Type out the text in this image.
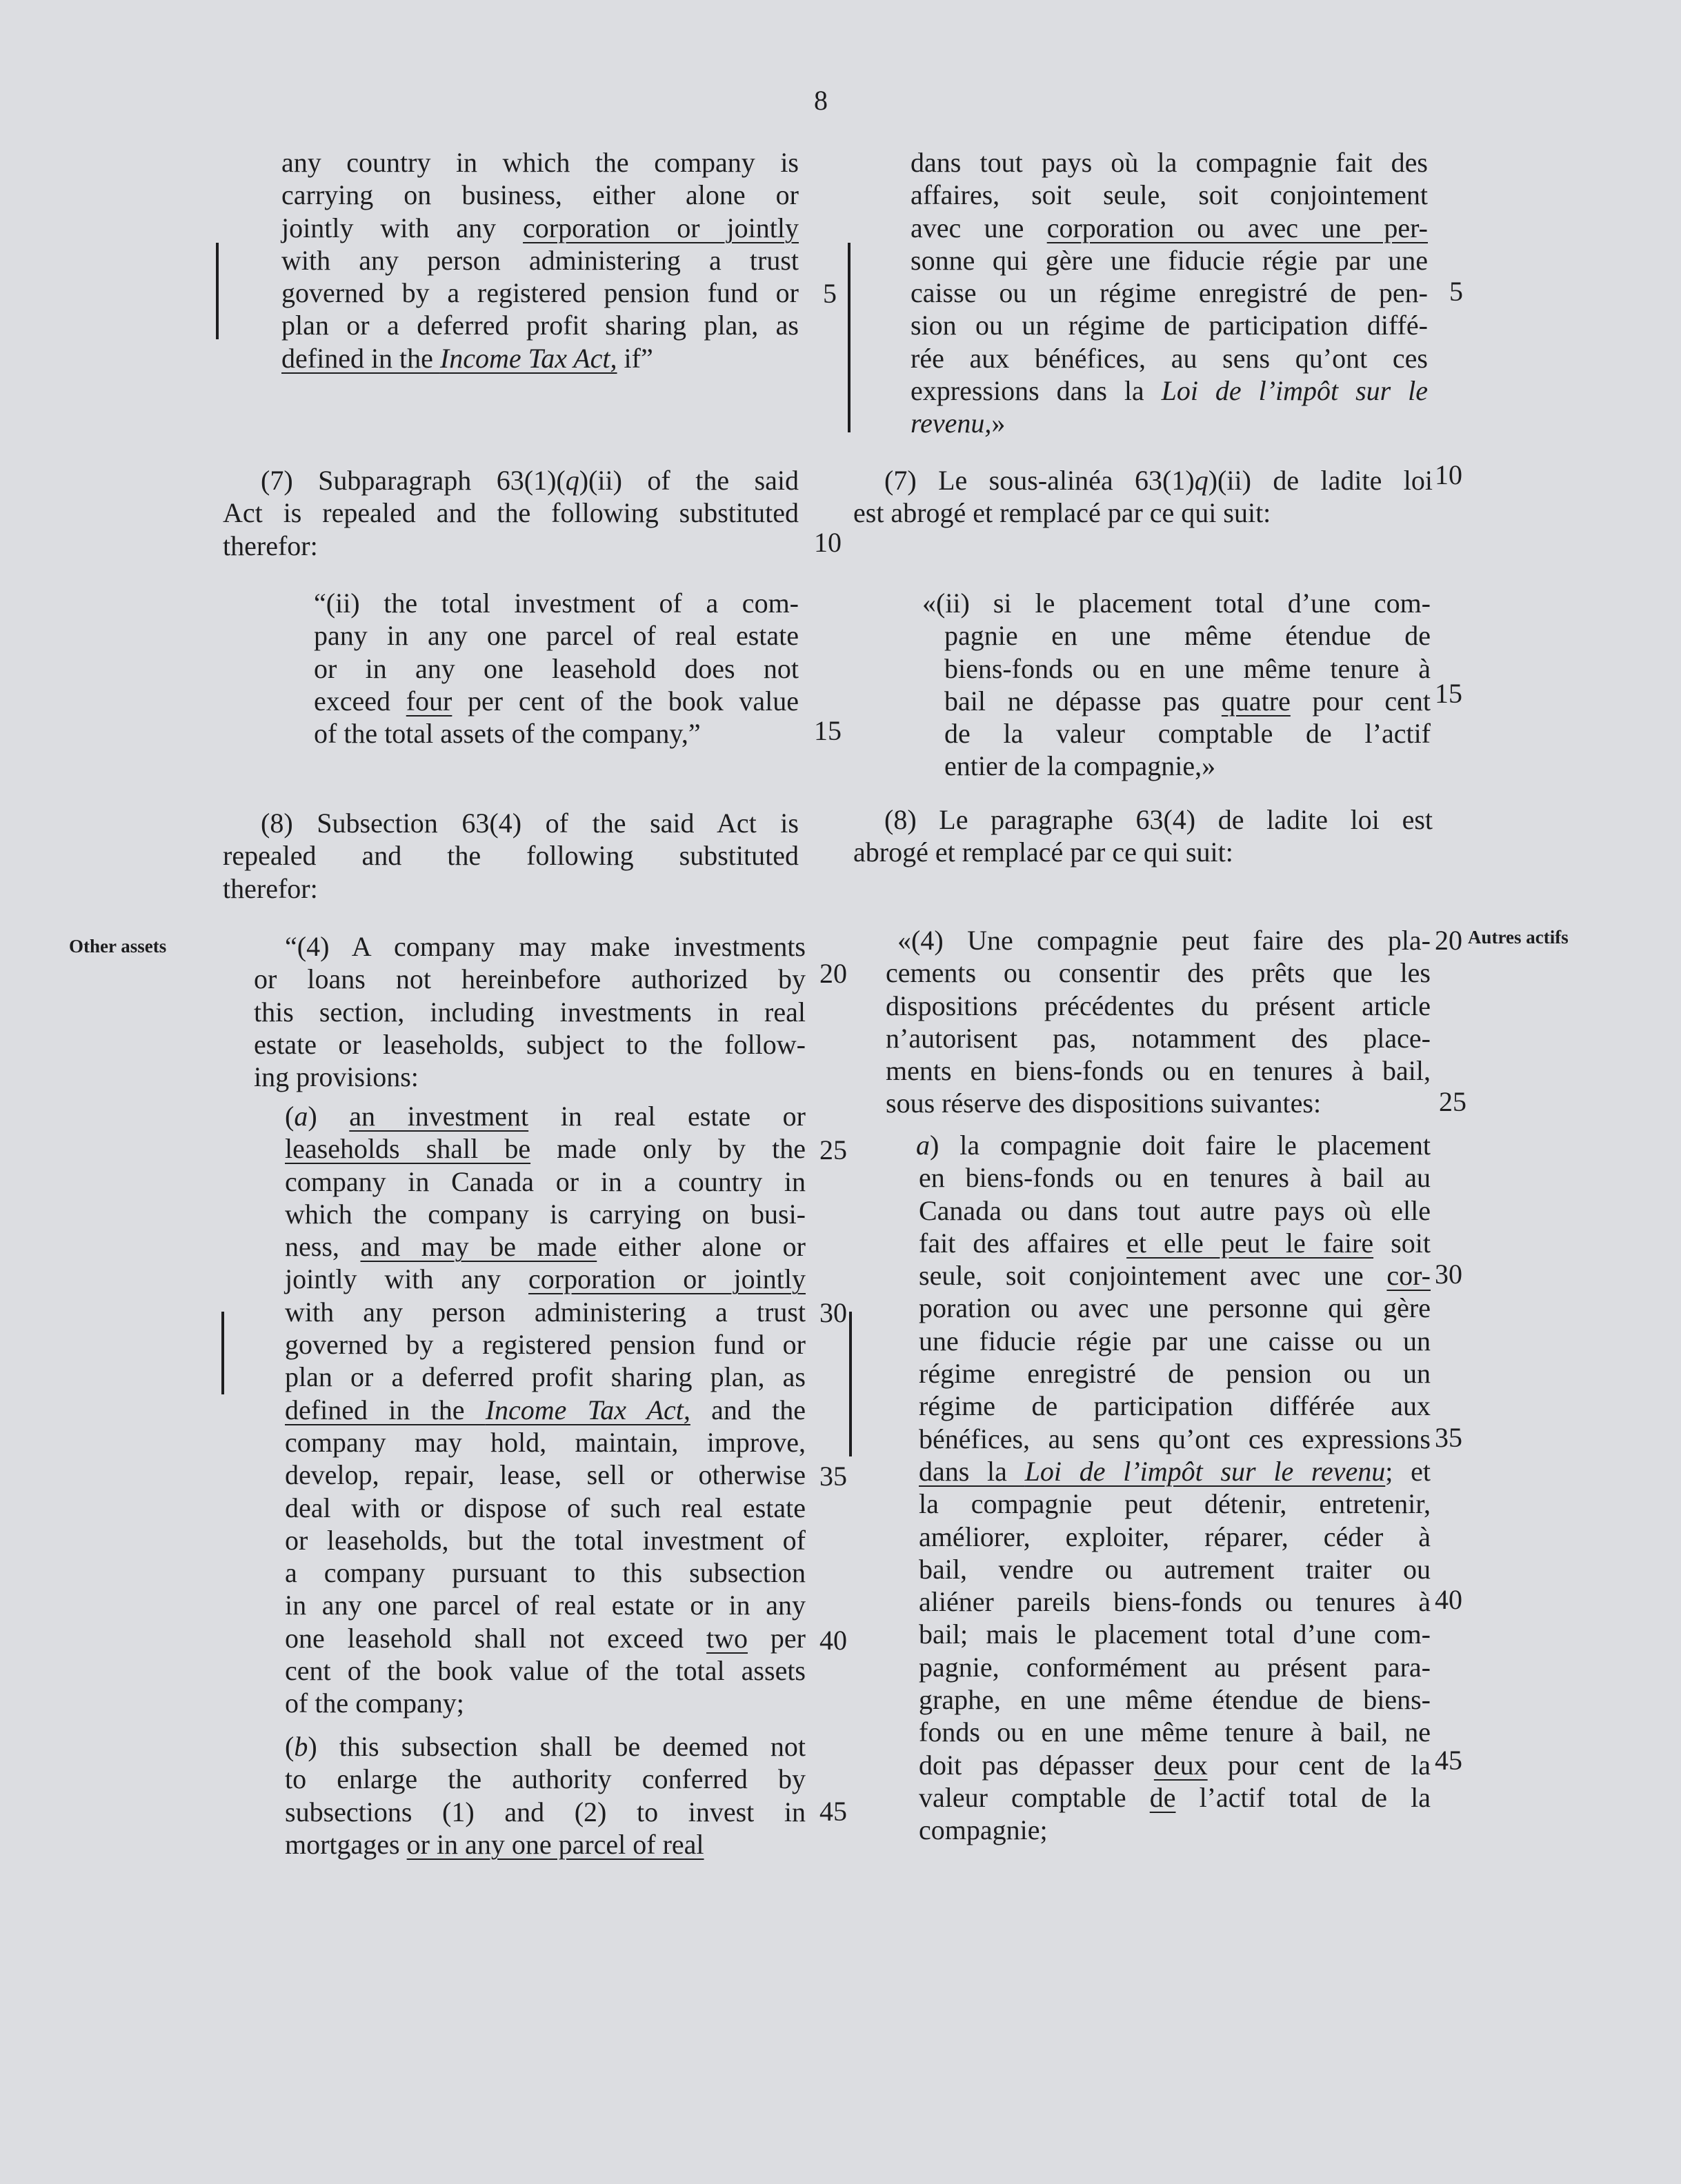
8
any country in which the company is
carrying on business, either alone or
jointly with any corporation or jointly
with any person administering a trust
governed by a registered pension fund or
plan or a deferred profit sharing plan, as
defined in the Income Tax Act, if”
(7) Subparagraph 63(1)(q)(ii) of the said
Act is repealed and the following substituted
therefor:
“(ii) the total investment of a com-
pany in any one parcel of real estate
or in any one leasehold does not
exceed four per cent of the book value
of the total assets of the company,”
(8) Subsection 63(4) of the said Act is
repealed and the following substituted
therefor:
“(4) A company may make investments
or loans not hereinbefore authorized by
this section, including investments in real
estate or leaseholds, subject to the follow-
ing provisions:
(a) an investment in real estate or
leaseholds shall be made only by the
company in Canada or in a country in
which the company is carrying on busi-
ness, and may be made either alone or
jointly with any corporation or jointly
with any person administering a trust
governed by a registered pension fund or
plan or a deferred profit sharing plan, as
defined in the Income Tax Act, and the
company may hold, maintain, improve,
develop, repair, lease, sell or otherwise
deal with or dispose of such real estate
or leaseholds, but the total investment of
a company pursuant to this subsection
in any one parcel of real estate or in any
one leasehold shall not exceed two per
cent of the book value of the total assets
of the company;
(b) this subsection shall be deemed not
to enlarge the authority conferred by
subsections (1) and (2) to invest in
mortgages or in any one parcel of real
5
10
15
20
25
30
35
40
45
Other assets	Autres actifs
dans tout pays où la compagnie fait des
affaires, soit seule, soit conjointement
avec une corporation ou avec une per-
sonne qui gère une fiducie régie par une
caisse ou un régime enregistré de pen-
sion ou un régime de participation diffé-
rée aux bénéfices, au sens qu’ont ces
expressions dans la Loi de l’impôt sur le
revenu,»
(7) Le sous-alinéa 63(1)q)(ii) de ladite loi
est abrogé et remplacé par ce qui suit:
«(ii) si le placement total d’une com-
pagnie en une même étendue de
biens-fonds ou en une même tenure à
bail ne dépasse pas quatre pour cent
de la valeur comptable de l’actif
entier de la compagnie,»
(8) Le paragraphe 63(4) de ladite loi est
abrogé et remplacé par ce qui suit:
«(4) Une compagnie peut faire des pla-
cements ou consentir des prêts que les
dispositions précédentes du présent article
n’autorisent pas, notamment des place-
ments en biens-fonds ou en tenures à bail,
sous réserve des dispositions suivantes:
a) la compagnie doit faire le placement
en biens-fonds ou en tenures à bail au
Canada ou dans tout autre pays où elle
fait des affaires et elle peut le faire soit
seule, soit conjointement avec une cor-
poration ou avec une personne qui gère
une fiducie régie par une caisse ou un
régime enregistré de pension ou un
régime de participation différée aux
bénéfices, au sens qu’ont ces expressions
dans la Loi de l’impôt sur le revenu; et
la compagnie peut détenir, entretenir,
améliorer, exploiter, réparer, céder à
bail, vendre ou autrement traiter ou
aliéner pareils biens-fonds ou tenures à
bail; mais le placement total d’une com-
pagnie, conformément au présent para-
graphe, en une même étendue de biens-
fonds ou en une même tenure à bail, ne
doit pas dépasser deux pour cent de la
valeur comptable de l’actif total de la
compagnie;
5
10
15
20
25
30
35
40
45
